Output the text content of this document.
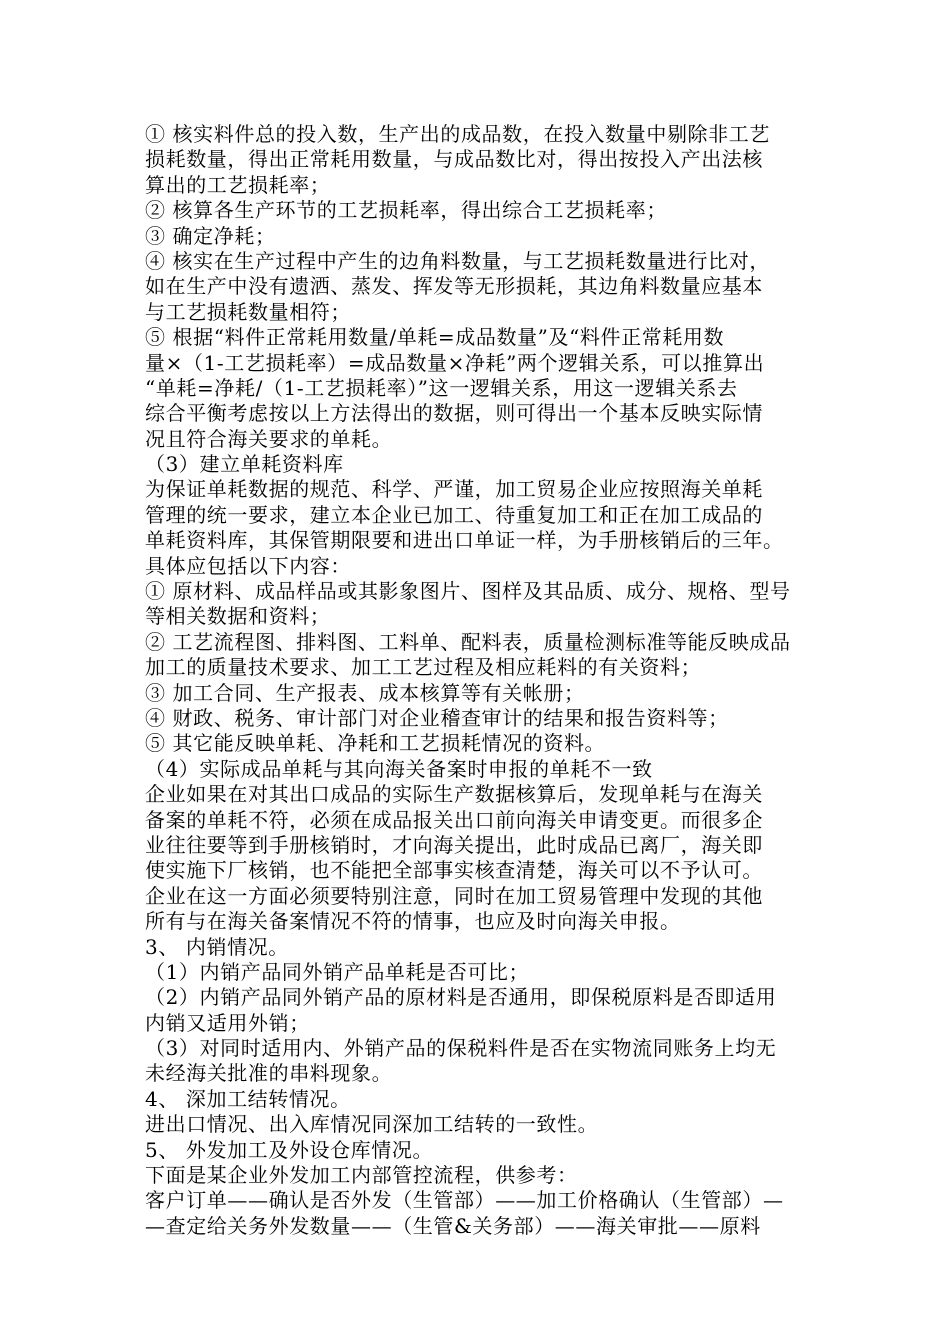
① 核实料件总的投入数，生产出的成品数，在投入数量中剔除非工艺
损耗数量，得出正常耗用数量，与成品数比对，得出按投入产出法核
算出的工艺损耗率；
② 核算各生产环节的工艺损耗率，得出综合工艺损耗率；
③ 确定净耗；
④ 核实在生产过程中产生的边角料数量，与工艺损耗数量进行比对，
如在生产中没有遗洒、蒸发、挥发等无形损耗，其边角料数量应基本
与工艺损耗数量相符；
⑤ 根据“料件正常耗用数量/单耗=成品数量”及“料件正常耗用数
量×（1-工艺损耗率）=成品数量×净耗”两个逻辑关系，可以推算出
“单耗=净耗/（1-工艺损耗率）”这一逻辑关系，用这一逻辑关系去
综合平衡考虑按以上方法得出的数据，则可得出一个基本反映实际情
况且符合海关要求的单耗。
（3）建立单耗资料库
为保证单耗数据的规范、科学、严谨，加工贸易企业应按照海关单耗
管理的统一要求，建立本企业已加工、待重复加工和正在加工成品的
单耗资料库，其保管期限要和进出口单证一样，为手册核销后的三年。
具体应包括以下内容：
① 原材料、成品样品或其影象图片、图样及其品质、成分、规格、型号
等相关数据和资料；
② 工艺流程图、排料图、工料单、配料表，质量检测标准等能反映成品
加工的质量技术要求、加工工艺过程及相应耗料的有关资料；
③ 加工合同、生产报表、成本核算等有关帐册；
④ 财政、税务、审计部门对企业稽查审计的结果和报告资料等；
⑤ 其它能反映单耗、净耗和工艺损耗情况的资料。
（4）实际成品单耗与其向海关备案时申报的单耗不一致
企业如果在对其出口成品的实际生产数据核算后，发现单耗与在海关
备案的单耗不符，必须在成品报关出口前向海关申请变更。而很多企
业往往要等到手册核销时，才向海关提出，此时成品已离厂，海关即
使实施下厂核销，也不能把全部事实核查清楚，海关可以不予认可。
企业在这一方面必须要特别注意，同时在加工贸易管理中发现的其他
所有与在海关备案情况不符的情事，也应及时向海关申报。
3、 内销情况。
（1）内销产品同外销产品单耗是否可比；
（2）内销产品同外销产品的原材料是否通用，即保税原料是否即适用
内销又适用外销；
（3）对同时适用内、外销产品的保税料件是否在实物流同账务上均无
未经海关批准的串料现象。
4、 深加工结转情况。
进出口情况、出入库情况同深加工结转的一致性。
5、 外发加工及外设仓库情况。
下面是某企业外发加工内部管控流程，供参考：
客户订单——确认是否外发（生管部）——加工价格确认（生管部）—
—查定给关务外发数量——（生管&关务部）——海关审批——原料
